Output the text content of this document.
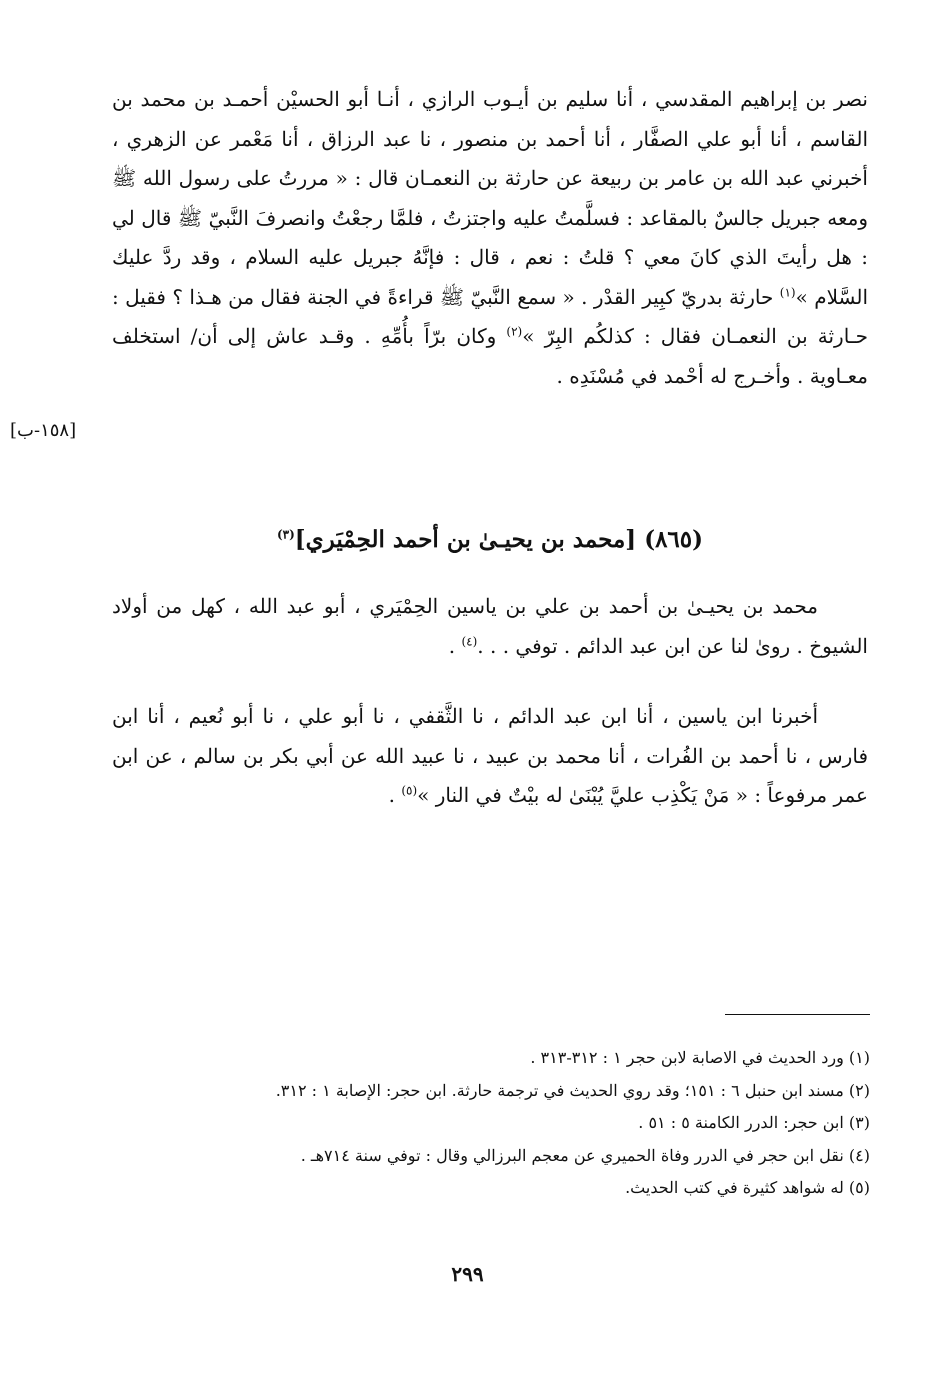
نصر بن إبراهيم المقدسي ، أنا سليم بن أيـوب الرازي ، أنـا أبو الحسيْن أحمـد بن محمد بن القاسم ، أنا أبو علي الصفَّار ، أنا أحمد بن منصور ، نا عبد الرزاق ، أنا مَعْمر عن الزهري ، أخبرني عبد الله بن عامر بن ربيعة عن حارثة بن النعمـان قال : « مررتُ على رسول الله ﷺ ومعه جبريل جالسٌ بالمقاعد : فسلَّمتُ عليه واجتزتُ ، فلمَّا رجعْتُ وانصرفَ النَّبيّ ﷺ قال لي : هل رأيتَ الذي كانَ معي ؟ قلتُ : نعم ، قال : فإنَّهُ جبريل عليه السلام ، وقد ردَّ عليك السَّلام »$^{(١)}$ حارثة بدريّ كبِير القدْر . « سمع النَّبيّ ﷺ قراءةً في الجنة فقال من هـذا ؟ فقيل : حـارثة بن النعمـان فقال : كذلكُم البِرّ »$^{(٢)}$ وكان برّاً بأُمِّهِ . وقـد عاش إلى أن/ استخلف معـاوية . وأخـرج له أحْمد في مُسْنَدِه .

[١٥٨-ب]
(٨٦٥) [محمد بن يحيـىٰ بن أحمد الحِمْيَري]$^{(٣)}$

محمد بن يحيـىٰ بن أحمد بن علي بن ياسين الحِمْيَري ، أبو عبد الله ، كهل من أولاد الشيوخ . روىٰ لنا عن ابن عبد الدائم . توفي . . .$^{(٤)}$ .

أخبرنا ابن ياسين ، أنا ابن عبد الدائم ، نا الثَّقفي ، نا أبو علي ، نا أبو نُعيم ، أنا ابن فارس ، نا أحمد بن الفُرات ، أنا محمد بن عبيد ، نا عبيد الله عن أبي بكر بن سالم ، عن ابن عمر مرفوعاً : « مَنْ يَكْذِب عليَّ يُبْنَىٰ له بيْتٌ في النار »$^{(٥)}$ .

(١) ورد الحديث في الاصابة لابن حجر ١ : ٣١٢-٣١٣ .

(٢) مسند ابن حنبل ٦ : ١٥١؛ وقد روي الحديث في ترجمة حارثة. ابن حجر: الإصابة ١ : ٣١٢.

(٣) ابن حجر: الدرر الكامنة ٥ : ٥١ .

(٤) نقل ابن حجر في الدرر وفاة الحميري عن معجم البرزالي وقال : توفي سنة ٧١٤هـ .

(٥) له شواهد كثيرة في كتب الحديث.

٢٩٩
